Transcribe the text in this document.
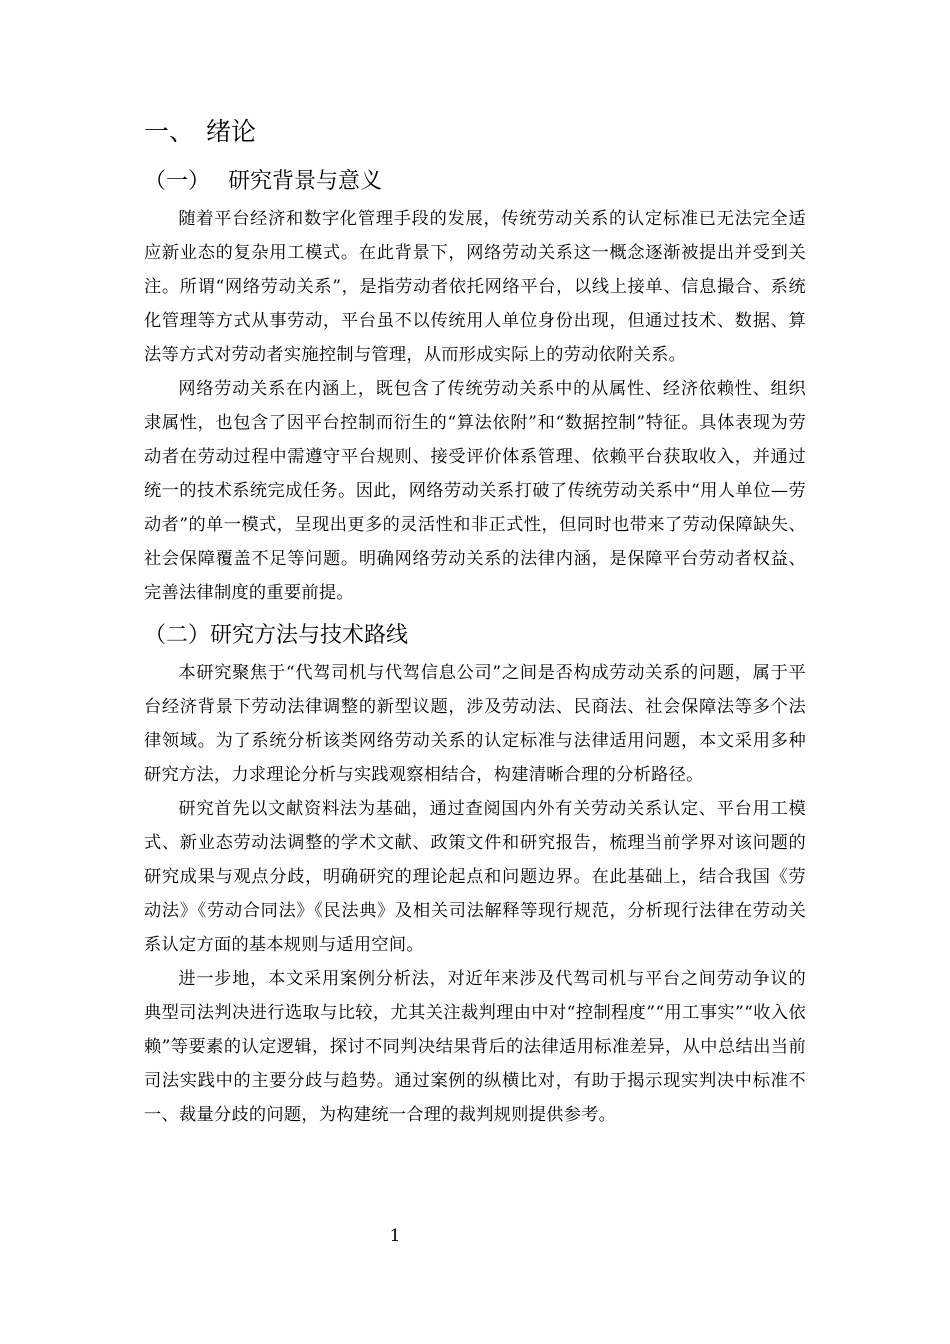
一、 绪论
（一） 研究背景与意义

随着平台经济和数字化管理手段的发展，传统劳动关系的认定标准已无法完全适应新业态的复杂用工模式。在此背景下，网络劳动关系这一概念逐渐被提出并受到关注。所谓“网络劳动关系”，是指劳动者依托网络平台，以线上接单、信息撮合、系统化管理等方式从事劳动，平台虽不以传统用人单位身份出现，但通过技术、数据、算法等方式对劳动者实施控制与管理，从而形成实际上的劳动依附关系。

网络劳动关系在内涵上，既包含了传统劳动关系中的从属性、经济依赖性、组织隶属性，也包含了因平台控制而衍生的“算法依附”和“数据控制”特征。具体表现为劳动者在劳动过程中需遵守平台规则、接受评价体系管理、依赖平台获取收入，并通过统一的技术系统完成任务。因此，网络劳动关系打破了传统劳动关系中“用人单位—劳动者”的单一模式，呈现出更多的灵活性和非正式性，但同时也带来了劳动保障缺失、社会保障覆盖不足等问题。明确网络劳动关系的法律内涵，是保障平台劳动者权益、完善法律制度的重要前提。

（二）研究方法与技术路线

本研究聚焦于“代驾司机与代驾信息公司”之间是否构成劳动关系的问题，属于平台经济背景下劳动法律调整的新型议题，涉及劳动法、民商法、社会保障法等多个法律领域。为了系统分析该类网络劳动关系的认定标准与法律适用问题，本文采用多种研究方法，力求理论分析与实践观察相结合，构建清晰合理的分析路径。

研究首先以文献资料法为基础，通过查阅国内外有关劳动关系认定、平台用工模式、新业态劳动法调整的学术文献、政策文件和研究报告，梳理当前学界对该问题的研究成果与观点分歧，明确研究的理论起点和问题边界。在此基础上，结合我国《劳动法》《劳动合同法》《民法典》及相关司法解释等现行规范，分析现行法律在劳动关系认定方面的基本规则与适用空间。

进一步地，本文采用案例分析法，对近年来涉及代驾司机与平台之间劳动争议的典型司法判决进行选取与比较，尤其关注裁判理由中对“控制程度”“用工事实”“收入依赖”等要素的认定逻辑，探讨不同判决结果背后的法律适用标准差异，从中总结出当前司法实践中的主要分歧与趋势。通过案例的纵横比对，有助于揭示现实判决中标准不一、裁量分歧的问题，为构建统一合理的裁判规则提供参考。

1
